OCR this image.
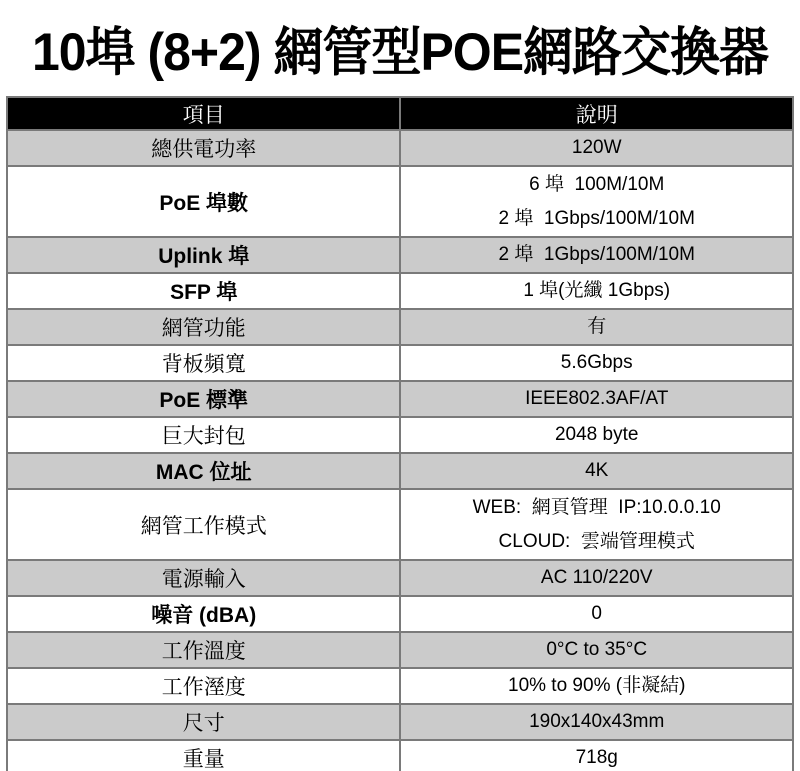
10埠 (8+2) 網管型POE網路交換器
項目	說明
總供電功率	120W

PoE 埠數	6 埠  100M/10M
2 埠  1Gbps/100M/10M

Uplink 埠	2 埠  1Gbps/100M/10M

SFP 埠	1 埠(光纖 1Gbps)

網管功能	有

背板頻寬	5.6Gbps

PoE 標準	IEEE802.3AF/AT

巨大封包	2048 byte

MAC 位址	4K

網管工作模式	WEB:  網頁管理  IP:10.0.0.10
CLOUD:  雲端管理模式

電源輸入	AC 110/220V

噪音 (dBA)	0

工作溫度	0°C to 35°C

工作溼度	10% to 90% (非凝結)

尺寸	190x140x43mm

重量	718g
